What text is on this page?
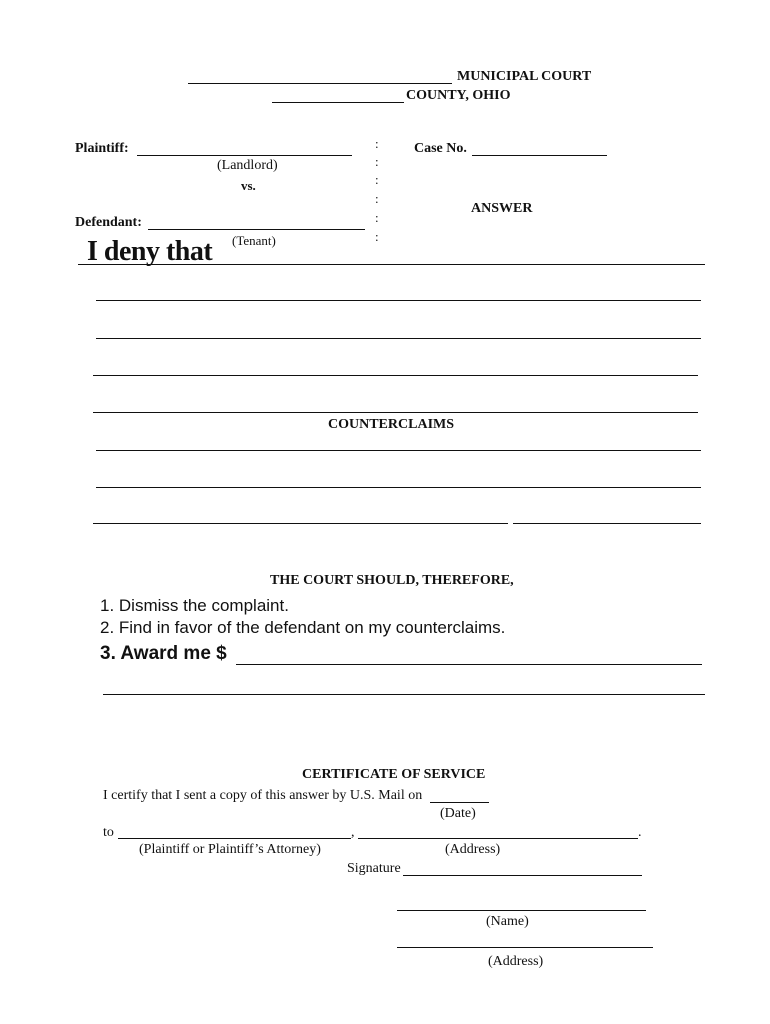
MUNICIPAL COURT
COUNTY, OHIO
Plaintiff:
(Landlord)
vs.
Defendant:
(Tenant)
:
:
:
:
:
:
Case No.
ANSWER
I deny that
COUNTERCLAIMS
THE COURT SHOULD, THEREFORE,
1. Dismiss the complaint.
2. Find in favor of the defendant on my counterclaims.
3. Award me $
CERTIFICATE OF SERVICE
I certify that I sent a copy of this answer by U.S. Mail on
(Date)
to	,	.
(Plaintiff or Plaintiff’s Attorney)	(Address)
Signature
(Name)
(Address)
